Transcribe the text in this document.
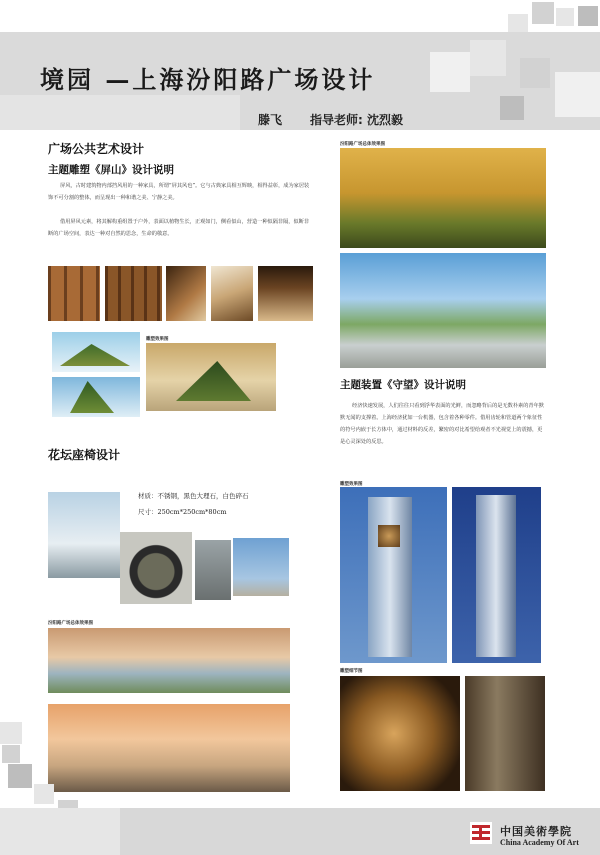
境园 —上海汾阳路广场设计
滕飞 指导老师: 沈烈毅
广场公共艺术设计
主题雕塑《屏山》设计说明
屏风，古时建筑物内部挡风用的一种家具，所谓“屏其风也”。它与古典家具相互辉映，相得益彰，成为家居装饰不可分割的整体，而呈现出一种和谐之美、宁静之美。
借用屏风元素，将其解构重组置于户外，表面以植物生长，正观如门，侧看似山，营造一种似隔非隔，似断非断的广场空间，表达一种对自然的思念，生命的敬意。
雕塑效果图
花坛座椅设计
材质：不锈钢，黑色大理石，白色碎石
尺寸：250cm*250cm*80cm
汾阳路广场总体效果图
汾阳路广场总体效果图
主题装置《守望》设计说明
经济快速发展，人们往往只看到浮华表面的光鲜，而忽略背后的是无数朴素的青年默默无闻的支撑着。上海经济犹如一台机器，包含着各种零件。借用齿轮和管道两个象征性的符号内嵌于长方体中，通过材料的反差，繁密的对比希望给观者不光视觉上的震撼，更是心灵深处的反思。
雕塑效果图
雕塑细节图
中国美術學院
China Academy Of Art
